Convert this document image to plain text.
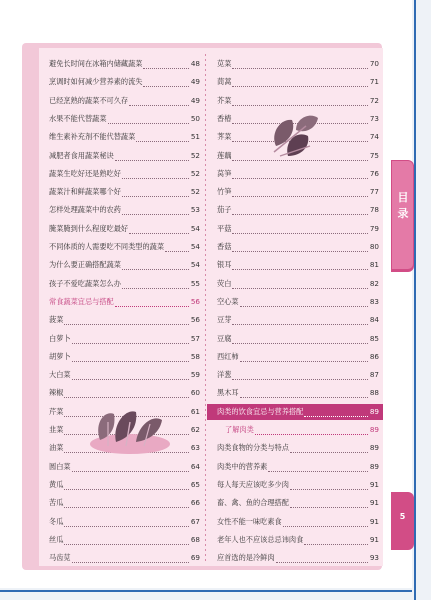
避免长时间在冰箱内储藏蔬菜	48
烹调时如何减少营养素的流失	49
已经烹熟的蔬菜不可久存	49
水果不能代替蔬菜	50
维生素补充剂不能代替蔬菜	51
减肥者食用蔬菜秘诀	52
蔬菜生吃好还是熟吃好	52
蔬菜汁和鲜蔬菜哪个好	52
怎样处理蔬菜中的农药	53
腌菜腌到什么程度吃最好	54
不同体质的人需要吃不同类型的蔬菜	54
为什么要正确搭配蔬菜	54
孩子不爱吃蔬菜怎么办	55
常食蔬菜宜忌与搭配	56
菠菜	56
白萝卜	57
胡萝卜	58
大白菜	59
辣椒	60
芹菜	61
韭菜	62
油菜	63
圆白菜	64
黄瓜	65
苦瓜	66
冬瓜	67
丝瓜	68
马齿苋	69
苋菜	70
茼蒿	71
芥菜	72
香椿	73
荠菜	74
莲藕	75
莴笋	76
竹笋	77
茄子	78
平菇	79
香菇	80
银耳	81
荧白	82
空心菜	83
豆芽	84
豆腐	85
西红柿	86
洋葱	87
黑木耳	88
肉类的饮食宜忌与营养搭配	89
了解肉类	89
肉类食物的分类与特点	89
肉类中的营养素	89
每人每天应该吃多少肉	91
畜、禽、鱼的合理搭配	91
女性不能一味吃素食	91
老年人也不应该总忌讳肉食	91
应首选的是冷鲜肉	93
目录
5
